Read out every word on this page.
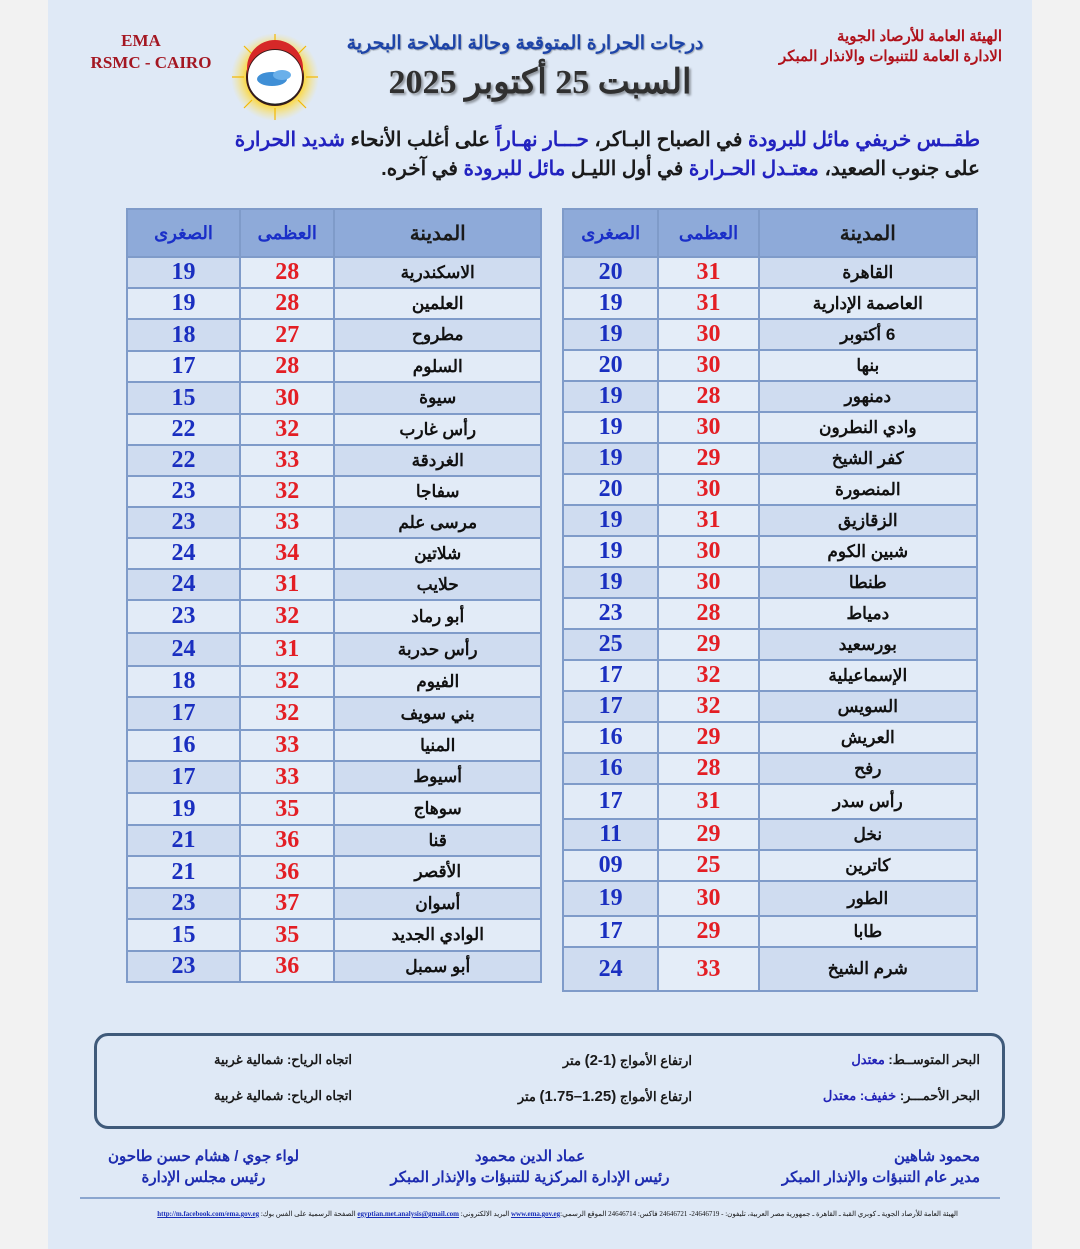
EMA
RSMC - CAIRO	EMA
درجات الحرارة المتوقعة وحالة الملاحة البحرية
السبت 25 أكتوبر 2025
الهيئة العامة للأرصاد الجوية
الادارة العامة للتنبوات والانذار المبكر
طقــس خريفي مائل للبرودة في الصباح البـاكر، حـــار نهـاراً على أغلب الأنحاء شديد الحرارة
على جنوب الصعيد، معتـدل الحـرارة في أول الليـل مائل للبرودة في آخره.
المدينة	العظمى	الصغرى
القاهرة	31	20
العاصمة الإدارية	31	19
6 أكتوبر	30	19
بنها	30	20
دمنهور	28	19
وادي النطرون	30	19
كفر الشيخ	29	19
المنصورة	30	20
الزقازيق	31	19
شبين الكوم	30	19
طنطا	30	19
دمياط	28	23
بورسعيد	29	25
الإسماعيلية	32	17
السويس	32	17
العريش	29	16
رفح	28	16
رأس سدر	31	17
نخل	29	11
كاترين	25	09
الطور	30	19
طابا	29	17
شرم الشيخ	33	24
المدينة	العظمى	الصغرى
الاسكندرية	28	19
العلمين	28	19
مطروح	27	18
السلوم	28	17
سيوة	30	15
رأس غارب	32	22
الغردقة	33	22
سفاجا	32	23
مرسى علم	33	23
شلاتين	34	24
حلايب	31	24
أبو رماد	32	23
رأس حدربة	31	24
الفيوم	32	18
بني سويف	32	17
المنيا	33	16
أسيوط	33	17
سوهاج	35	19
قنا	36	21
الأقصر	36	21
أسوان	37	23
الوادي الجديد	35	15
أبو سمبل	36	23
البحر المتوســط: معتدل
ارتفاع الأمواج (1-2) متر
اتجاه الرياح: شمالية غربية
البحر الأحمـــر: خفيف: معتدل
ارتفاع الأمواج (1.25–1.75) متر
اتجاه الرياح: شمالية غربية
محمود شاهين
مدير عام التنبؤات والإنذار المبكر
عماد الدين محمود
رئيس الإدارة المركزية للتنبؤات والإنذار المبكر
لواء جوي / هشام حسن طاحون
رئيس مجلس الإدارة
الهيئة العامة للأرصاد الجوية ـ كوبري القبة ـ القاهرة ـ جمهورية مصر العربية، تليفون: - 24646719- 24646721 فاكس: 24646714 الموقع الرسمي:www.ema.gov.eg البريد الالكتروني: egyptian.met.analysis@gmail.com الصفحة الرسمية على الفس بوك: http://m.facebook.com/ema.gov.eg
